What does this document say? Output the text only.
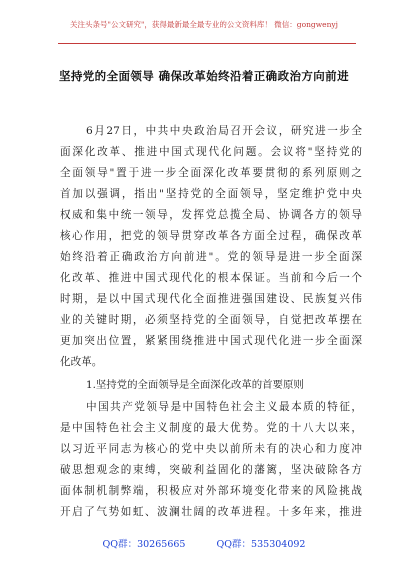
关注头条号"公文研究"，获得最新最全最专业的公文资料库！ 微信：gongwenyj
坚持党的全面领导 确保改革始终沿着正确政治方向前进
6月27日，中共中央政治局召开会议，研究进一步全
面深化改革、推进中国式现代化问题。会议将"坚持党的
全面领导"置于进一步全面深化改革要贯彻的系列原则之
首加以强调，指出"坚持党的全面领导，坚定维护党中央
权威和集中统一领导，发挥党总揽全局、协调各方的领导
核心作用，把党的领导贯穿改革各方面全过程，确保改革
始终沿着正确政治方向前进"。党的领导是进一步全面深
化改革、推进中国式现代化的根本保证。当前和今后一个
时期，是以中国式现代化全面推进强国建设、民族复兴伟
业的关键时期，必须坚持党的全面领导，自觉把改革摆在
更加突出位置，紧紧围绕推进中国式现代化进一步全面深
化改革。
1.坚持党的全面领导是全面深化改革的首要原则
中国共产党领导是中国特色社会主义最本质的特征，
是中国特色社会主义制度的最大优势。党的十八大以来，
以习近平同志为核心的党中央以前所未有的决心和力度冲
破思想观念的束缚，突破利益固化的藩篱，坚决破除各方
面体制机制弊端，积极应对外部环境变化带来的风险挑战
开启了气势如虹、波澜壮阔的改革进程。十多年来，推进
QQ群：30265665	QQ群：535304092
